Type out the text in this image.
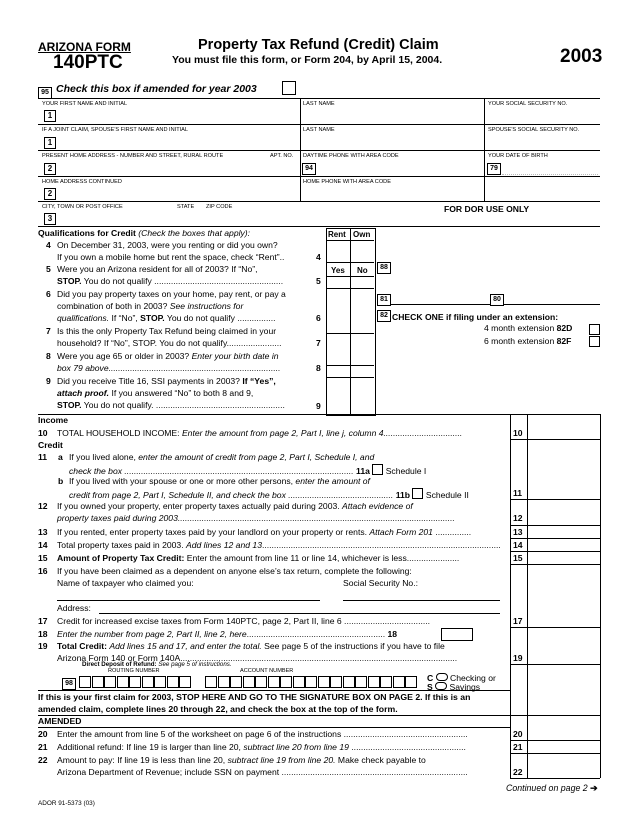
ARIZONA FORM
140PTC
Property Tax Refund (Credit) Claim
You must file this form, or Form 204, by April 15, 2004.	2003
95 Check this box if amended for year 2003
YOUR FIRST NAME AND INITIAL	LAST NAME	YOUR SOCIAL SECURITY NO.
1
IF A JOINT CLAIM, SPOUSE'S FIRST NAME AND INITIAL	LAST NAME	SPOUSE'S SOCIAL SECURITY NO.
1
PRESENT HOME ADDRESS - NUMBER AND STREET, RURAL ROUTE	APT. NO. DAYTIME PHONE WITH AREA CODE	YOUR DATE OF BIRTH
2	94	79
HOME ADDRESS CONTINUED	HOME PHONE WITH AREA CODE
2
CITY, TOWN OR POST OFFICE	STATE ZIP CODE	FOR DOR USE ONLY
3
Qualifications for Credit (Check the boxes that apply):	Rent Own
Yes No
4 On December 31, 2003, were you renting or did you own?
If you own a mobile home but rent the space, check “Rent”..	4
5 Were you an Arizona resident for all of 2003? If “No”,
STOP. You do not qualify ......................................................	5
6 Did you pay property taxes on your home, pay rent, or pay a
combination of both in 2003? See instructions for
qualifications. If “No”, STOP. You do not qualify ................	6
7 Is this the only Property Tax Refund being claimed in your
household? If “No”, STOP. You do not qualify.......................	7
8 Were you age 65 or older in 2003? Enter your birth date in
box 79 above........................................................................	8
9 Did you receive Title 16, SSI payments in 2003? If “Yes”,
attach proof. If you answered “No” to both 8 and 9,
STOP. You do not qualify. ......................................................	9
88
81	80
82 CHECK ONE if filing under an extension:
4 month extension 82D
6 month extension 82F
Income
10 TOTAL HOUSEHOLD INCOME: Enter the amount from page 2, Part I, line j, column 4.................................	10
Credit
11 a If you lived alone, enter the amount of credit from page 2, Part I, Schedule I, and
check the box ................................................................................................ 11a Schedule I
b If you lived with your spouse or one or more other persons, enter the amount of
credit from page 2, Part I, Schedule II, and check the box ............................................ 11b Schedule II	11
12 If you owned your property, enter property taxes actually paid during 2003. Attach evidence of
property taxes paid during 2003....................................................................................................................	12
13 If you rented, enter property taxes paid by your landlord on your property or rents. Attach Form 201 ...............	13
14 Total property taxes paid in 2003. Add lines 12 and 13.................................................................................................... 14
15 Amount of Property Tax Credit: Enter the amount from line 11 or line 14, whichever is less......................	15
16 If you have been claimed as a dependent on anyone else’s tax return, complete the following:
Name of taxpayer who claimed you:	Social Security No.:
Address:
17 Credit for increased excise taxes from Form 140PTC, page 2, Part II, line 6 ....................................	17
18 Enter the number from page 2, Part II, line 2, here.......................................................... 18
19 Total Credit: Add lines 15 and 17, and enter the total. See page 5 of the instructions if you have to file
Arizona Form 140 or Form 140A....................................................................................................................	19
Direct Deposit of Refund: See page 5 of instructions.
ROUTING NUMBER	ACCOUNT NUMBER
98
C Checking or
S Savings
If this is your first claim for 2003, STOP HERE AND GO TO THE SIGNATURE BOX ON PAGE 2. If this is an amended claim, complete lines 20 through 22, and check the box at the top of the form.
AMENDED
20 Enter the amount from line 5 of the worksheet on page 6 of the instructions ....................................................	20
21 Additional refund: If line 19 is larger than line 20, subtract line 20 from line 19 ................................................	21
22 Amount to pay: If line 19 is less than line 20, subtract line 19 from line 20. Make check payable to
Arizona Department of Revenue; include SSN on payment ..............................................................................	22
Continued on page 2 ➔
ADOR 91-5373 (03)
